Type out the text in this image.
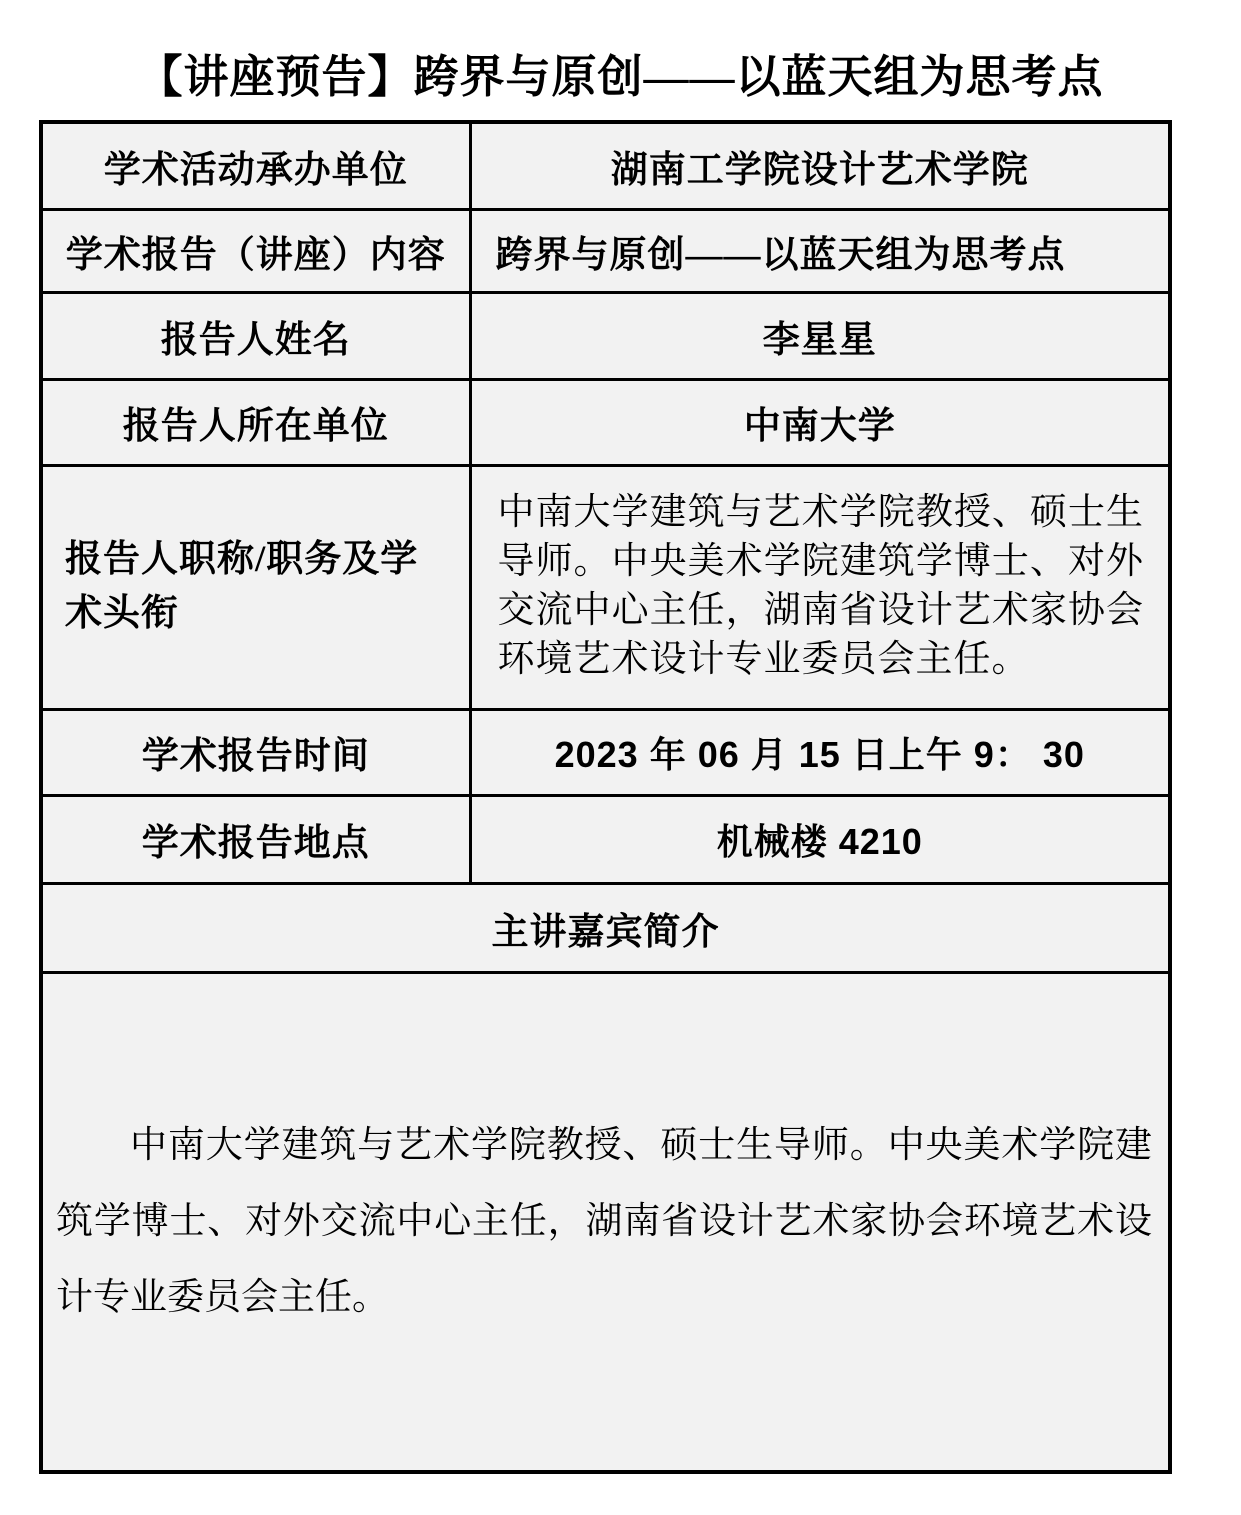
【讲座预告】跨界与原创——以蓝天组为思考点
学术活动承办单位	湖南工学院设计艺术学院
学术报告（讲座）内容	跨界与原创——以蓝天组为思考点
报告人姓名	李星星
报告人所在单位	中南大学
报告人职称/职务及学术头衔	中南大学建筑与艺术学院教授、硕士生导师。中央美术学院建筑学博士、对外交流中心主任，湖南省设计艺术家协会环境艺术设计专业委员会主任。
学术报告时间	2023 年 06 月 15 日上午 9： 30
学术报告地点	机械楼 4210
主讲嘉宾简介	

中南大学建筑与艺术学院教授、硕士生导师。中央美术学院建筑学博士、对外交流中心主任，湖南省设计艺术家协会环境艺术设计专业委员会主任。	
